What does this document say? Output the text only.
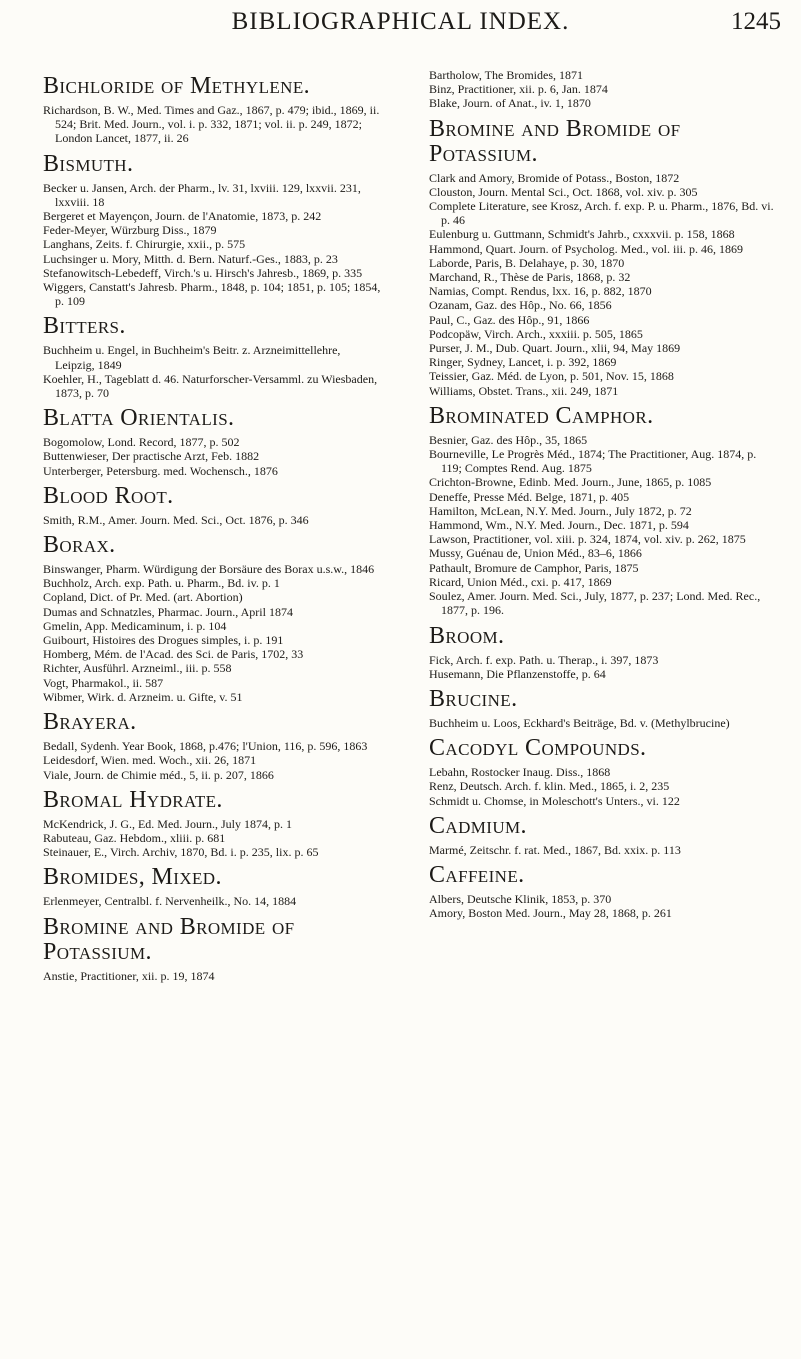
BIBLIOGRAPHICAL INDEX.	1245
Bichloride of Methylene.
Richardson, B. W., Med. Times and Gaz., 1867, p. 479; ibid., 1869, ii. 524; Brit. Med. Journ., vol. i. p. 332, 1871; vol. ii. p. 249, 1872; London Lancet, 1877, ii. 26
Bismuth.
Becker u. Jansen, Arch. der Pharm., lv. 31, lxviii. 129, lxxvii. 231, lxxviii. 18
Bergeret et Mayençon, Journ. de l'Anatomie, 1873, p. 242
Feder-Meyer, Würzburg Diss., 1879
Langhans, Zeits. f. Chirurgie, xxii., p. 575
Luchsinger u. Mory, Mitth. d. Bern. Naturf.-Ges., 1883, p. 23
Stefanowitsch-Lebedeff, Virch.'s u. Hirsch's Jahresb., 1869, p. 335
Wiggers, Canstatt's Jahresb. Pharm., 1848, p. 104; 1851, p. 105; 1854, p. 109
Bitters.
Buchheim u. Engel, in Buchheim's Beitr. z. Arzneimittellehre, Leipzig, 1849
Koehler, H., Tageblatt d. 46. Naturforscher-Versamml. zu Wiesbaden, 1873, p. 70
Blatta Orientalis.
Bogomolow, Lond. Record, 1877, p. 502
Buttenwieser, Der practische Arzt, Feb. 1882
Unterberger, Petersburg. med. Wochensch., 1876
Blood Root.
Smith, R.M., Amer. Journ. Med. Sci., Oct. 1876, p. 346
Borax.
Binswanger, Pharm. Würdigung der Borsäure des Borax u.s.w., 1846
Buchholz, Arch. exp. Path. u. Pharm., Bd. iv. p. 1
Copland, Dict. of Pr. Med. (art. Abortion)
Dumas and Schnatzles, Pharmac. Journ., April 1874
Gmelin, App. Medicaminum, i. p. 104
Guibourt, Histoires des Drogues simples, i. p. 191
Homberg, Mém. de l'Acad. des Sci. de Paris, 1702, 33
Richter, Ausführl. Arzneiml., iii. p. 558
Vogt, Pharmakol., ii. 587
Wibmer, Wirk. d. Arzneim. u. Gifte, v. 51
Brayera.
Bedall, Sydenh. Year Book, 1868, p.476; l'Union, 116, p. 596, 1863
Leidesdorf, Wien. med. Woch., xii. 26, 1871
Viale, Journ. de Chimie méd., 5, ii. p. 207, 1866
Bromal Hydrate.
McKendrick, J. G., Ed. Med. Journ., July 1874, p. 1
Rabuteau, Gaz. Hebdom., xliii. p. 681
Steinauer, E., Virch. Archiv, 1870, Bd. i. p. 235, lix. p. 65
Bromides, Mixed.
Erlenmeyer, Centralbl. f. Nervenheilk., No. 14, 1884
Bromine and Bromide of Potassium.
Anstie, Practitioner, xii. p. 19, 1874
Bartholow, The Bromides, 1871
Binz, Practitioner, xii. p. 6, Jan. 1874
Blake, Journ. of Anat., iv. 1, 1870
Bromine and Bromide of Potassium.
Clark and Amory, Bromide of Potass., Boston, 1872
Clouston, Journ. Mental Sci., Oct. 1868, vol. xiv. p. 305
Complete Literature, see Krosz, Arch. f. exp. P. u. Pharm., 1876, Bd. vi. p. 46
Eulenburg u. Guttmann, Schmidt's Jahrb., cxxxvii. p. 158, 1868
Hammond, Quart. Journ. of Psycholog. Med., vol. iii. p. 46, 1869
Laborde, Paris, B. Delahaye, p. 30, 1870
Marchand, R., Thèse de Paris, 1868, p. 32
Namias, Compt. Rendus, lxx. 16, p. 882, 1870
Ozanam, Gaz. des Hôp., No. 66, 1856
Paul, C., Gaz. des Hôp., 91, 1866
Podcopäw, Virch. Arch., xxxiii. p. 505, 1865
Purser, J. M., Dub. Quart. Journ., xlii, 94, May 1869
Ringer, Sydney, Lancet, i. p. 392, 1869
Teissier, Gaz. Méd. de Lyon, p. 501, Nov. 15, 1868
Williams, Obstet. Trans., xii. 249, 1871
Brominated Camphor.
Besnier, Gaz. des Hôp., 35, 1865
Bourneville, Le Progrès Méd., 1874; The Practitioner, Aug. 1874, p. 119; Comptes Rend. Aug. 1875
Crichton-Browne, Edinb. Med. Journ., June, 1865, p. 1085
Deneffe, Presse Méd. Belge, 1871, p. 405
Hamilton, McLean, N.Y. Med. Journ., July 1872, p. 72
Hammond, Wm., N.Y. Med. Journ., Dec. 1871, p. 594
Lawson, Practitioner, vol. xiii. p. 324, 1874, vol. xiv. p. 262, 1875
Mussy, Guénau de, Union Méd., 83–6, 1866
Pathault, Bromure de Camphor, Paris, 1875
Ricard, Union Méd., cxi. p. 417, 1869
Soulez, Amer. Journ. Med. Sci., July, 1877, p. 237; Lond. Med. Rec., 1877, p. 196.
Broom.
Fick, Arch. f. exp. Path. u. Therap., i. 397, 1873
Husemann, Die Pflanzenstoffe, p. 64
Brucine.
Buchheim u. Loos, Eckhard's Beiträge, Bd. v. (Methylbrucine)
Cacodyl Compounds.
Lebahn, Rostocker Inaug. Diss., 1868
Renz, Deutsch. Arch. f. klin. Med., 1865, i. 2, 235
Schmidt u. Chomse, in Moleschott's Unters., vi. 122
Cadmium.
Marmé, Zeitschr. f. rat. Med., 1867, Bd. xxix. p. 113
Caffeine.
Albers, Deutsche Klinik, 1853, p. 370
Amory, Boston Med. Journ., May 28, 1868, p. 261
